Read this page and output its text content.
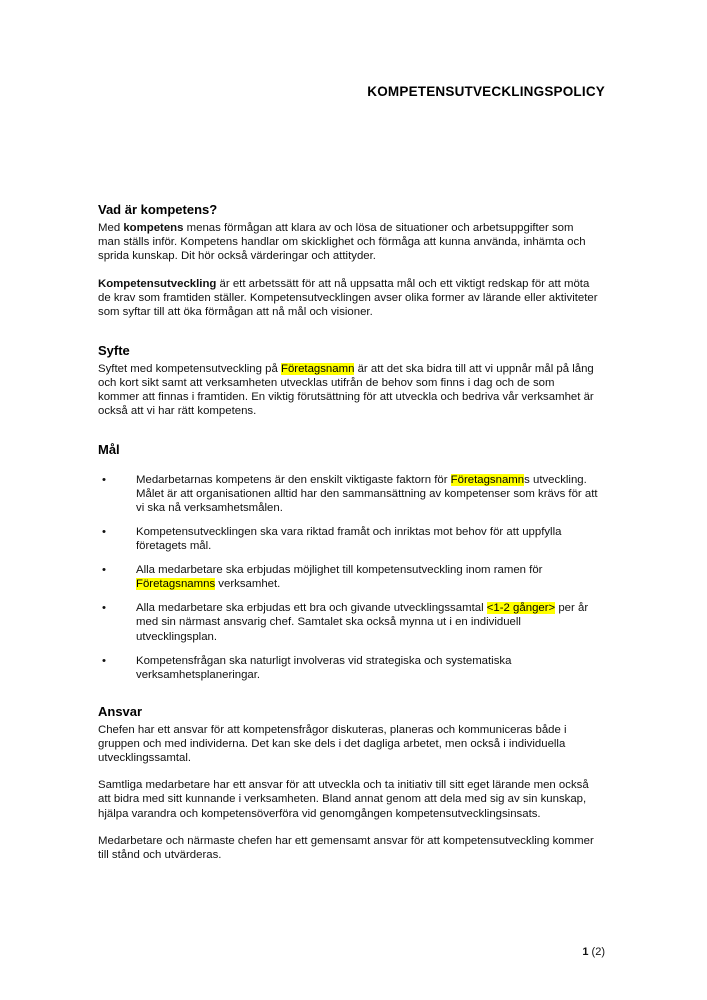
KOMPETENSUTVECKLINGSPOLICY
Vad är kompetens?

Med kompetens menas förmågan att klara av och lösa de situationer och arbetsuppgifter som man ställs inför. Kompetens handlar om skicklighet och förmåga att kunna använda, inhämta och sprida kunskap. Dit hör också värderingar och attityder.

Kompetensutveckling är ett arbetssätt för att nå uppsatta mål och ett viktigt redskap för att möta de krav som framtiden ställer. Kompetensutvecklingen avser olika former av lärande eller aktiviteter som syftar till att öka förmågan att nå mål och visioner.

Syfte

Syftet med kompetensutveckling på Företagsnamn är att det ska bidra till att vi uppnår mål på lång och kort sikt samt att verksamheten utvecklas utifrån de behov som finns i dag och de som kommer att finnas i framtiden. En viktig förutsättning för att utveckla och bedriva vår verksamhet är också att vi har rätt kompetens.

Mål
•	Medarbetarnas kompetens är den enskilt viktigaste faktorn för Företagsnamns utveckling. Målet är att organisationen alltid har den sammansättning av kompetenser som krävs för att vi ska nå verksamhetsmålen.
•	Kompetensutvecklingen ska vara riktad framåt och inriktas mot behov för att uppfylla företagets mål.
•	Alla medarbetare ska erbjudas möjlighet till kompetensutveckling inom ramen för Företagsnamns verksamhet.
•	Alla medarbetare ska erbjudas ett bra och givande utvecklingssamtal <1-2 gånger> per år med sin närmast ansvarig chef. Samtalet ska också mynna ut i en individuell utvecklingsplan.
•	Kompetensfrågan ska naturligt involveras vid strategiska och systematiska verksamhetsplaneringar.
Ansvar

Chefen har ett ansvar för att kompetensfrågor diskuteras, planeras och kommuniceras både i gruppen och med individerna. Det kan ske dels i det dagliga arbetet, men också i individuella utvecklingssamtal.

Samtliga medarbetare har ett ansvar för att utveckla och ta initiativ till sitt eget lärande men också att bidra med sitt kunnande i verksamheten. Bland annat genom att dela med sig av sin kunskap, hjälpa varandra och kompetensöverföra vid genomgången kompetensutvecklingsinsats.

Medarbetare och närmaste chefen har ett gemensamt ansvar för att kompetensutveckling kommer till stånd och utvärderas.

1 (2)
